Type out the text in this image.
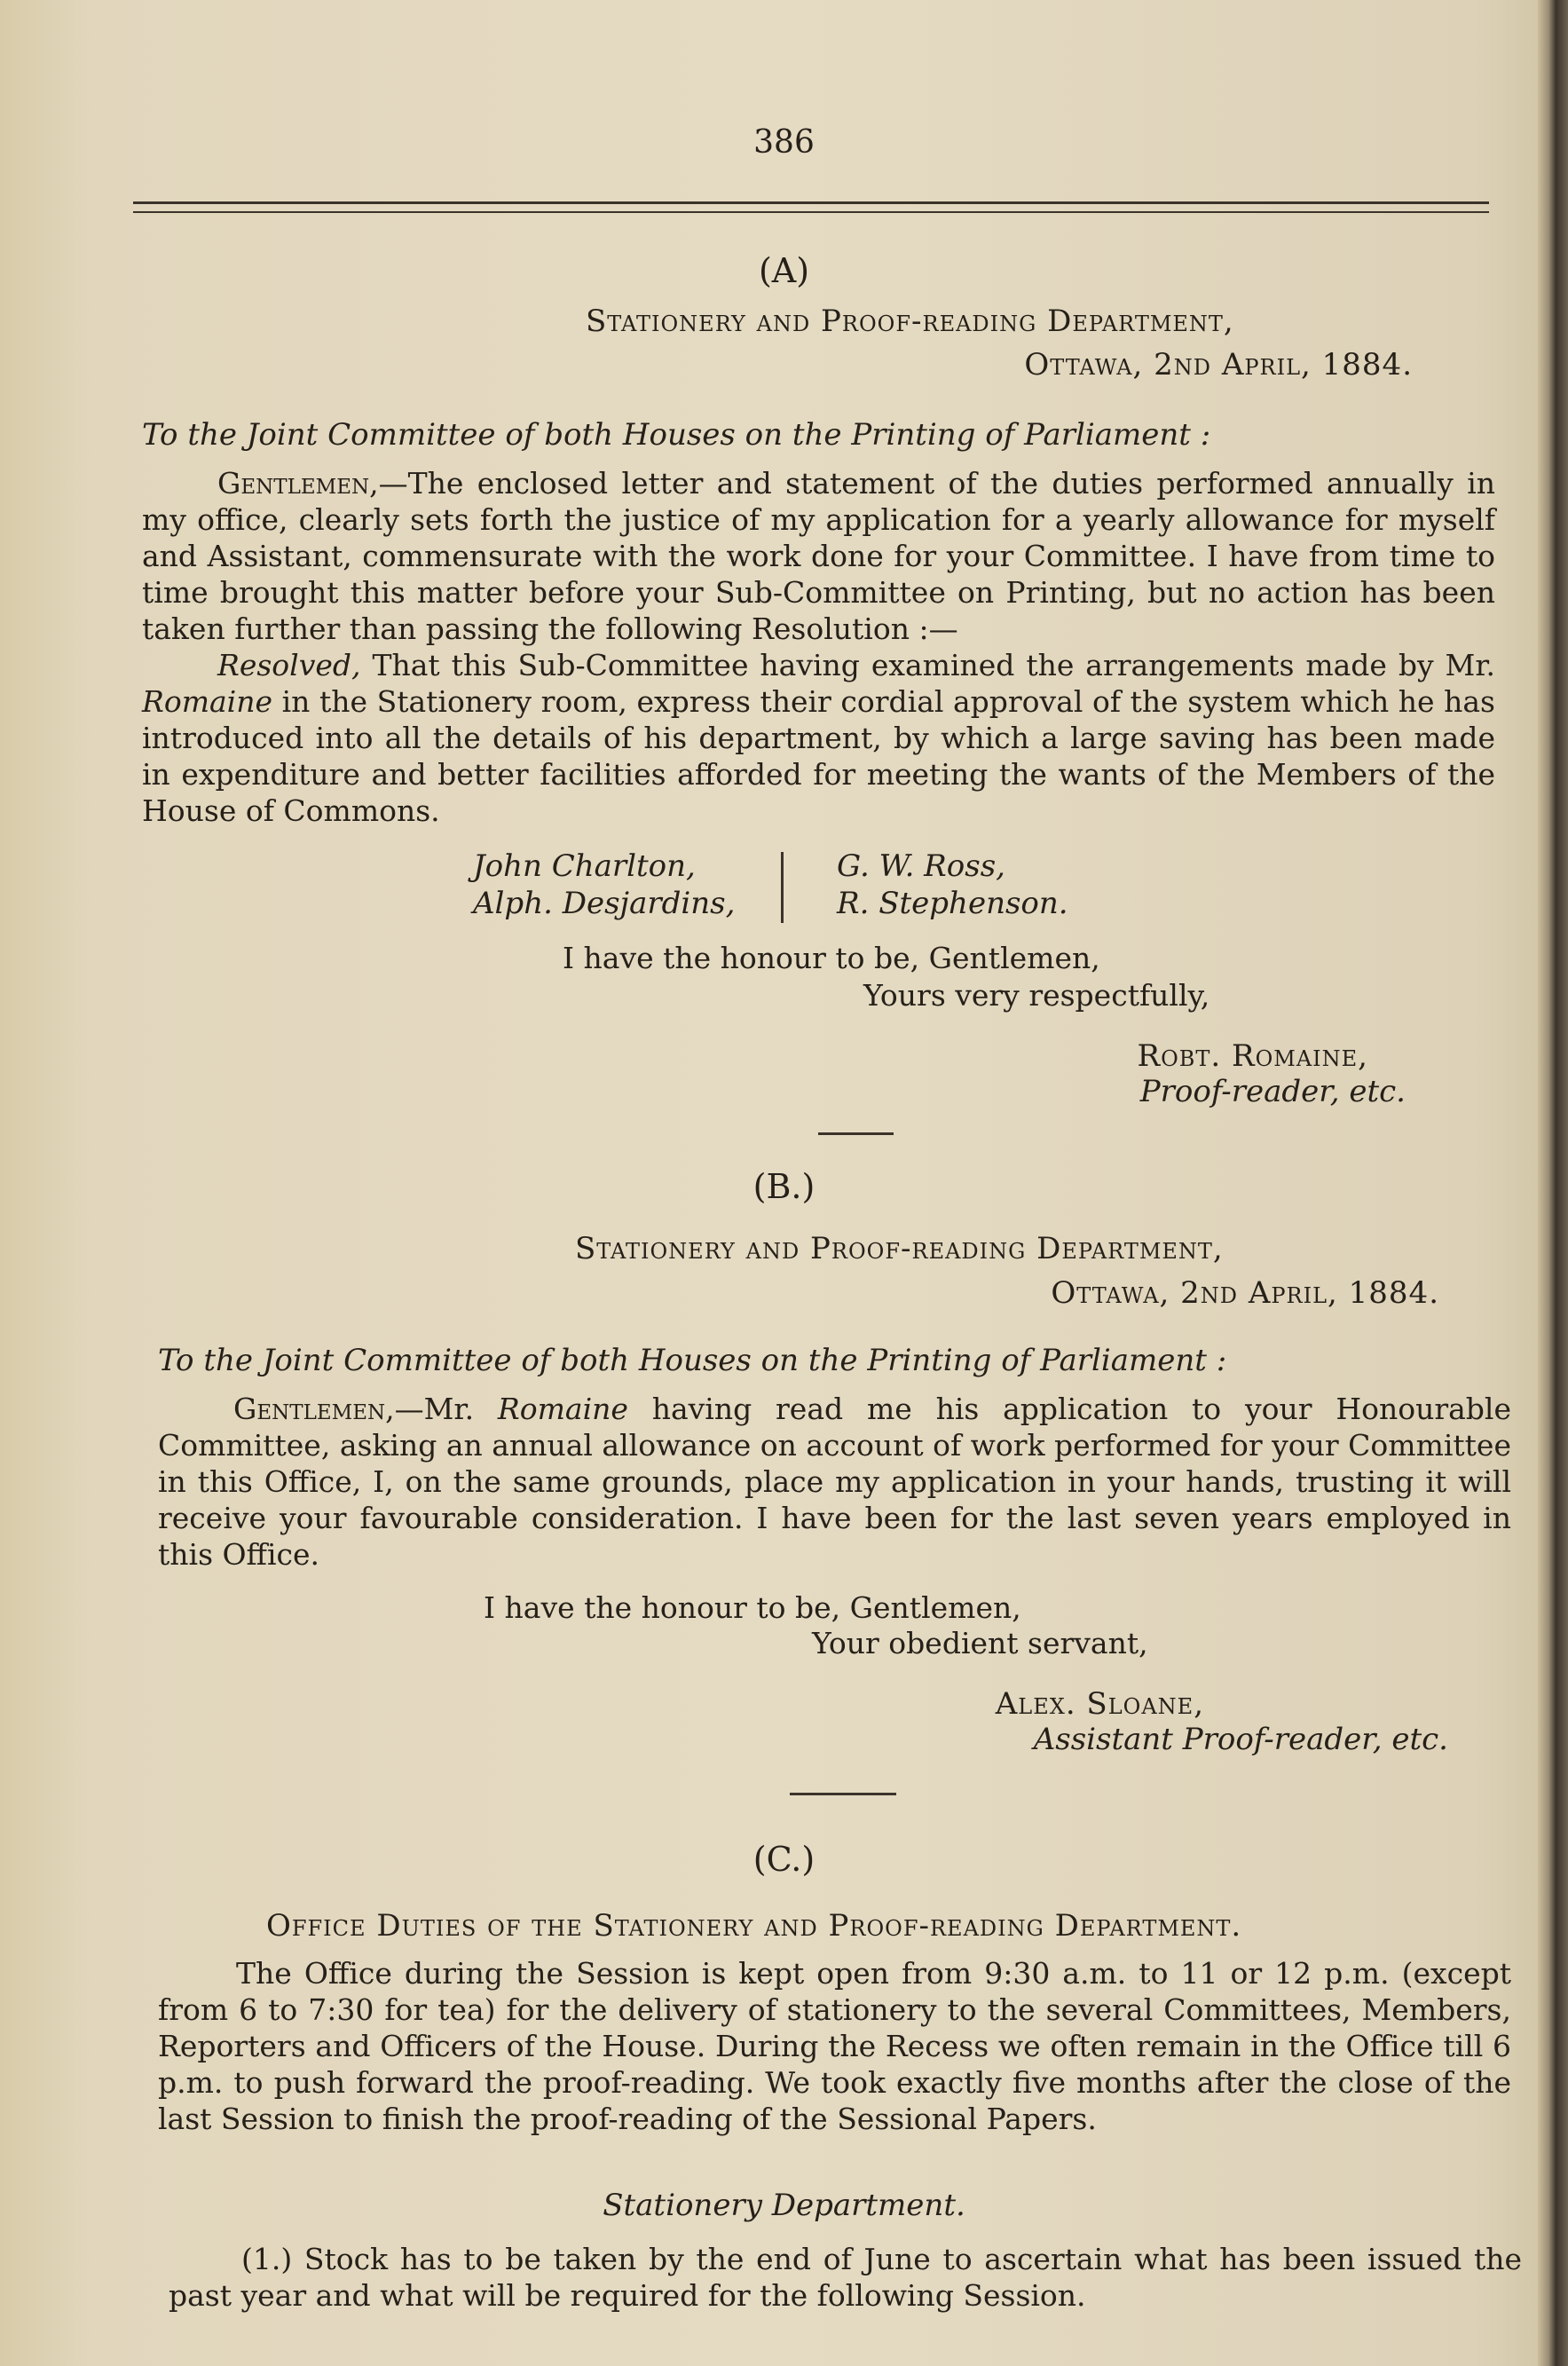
386
(A)
Stationery and Proof-reading Department,
Ottawa, 2nd April, 1884.
To the Joint Committee of both Houses on the Printing of Parliament :

Gentlemen,—The enclosed letter and statement of the duties performed annually in my office, clearly sets forth the justice of my application for a yearly allowance for myself and Assistant, commensurate with the work done for your Committee. I have from time to time brought this matter before your Sub-Committee on Printing, but no action has been taken further than passing the following Resolution :—

Resolved, That this Sub-Committee having examined the arrangements made by Mr. Romaine in the Stationery room, express their cordial approval of the system which he has introduced into all the details of his department, by which a large saving has been made in expenditure and better facilities afforded for meeting the wants of the Members of the House of Commons.

John Charlton,
Alph. Desjardins,
G. W. Ross,
R. Stephenson.
I have the honour to be, Gentlemen,
Yours very respectfully,
Robt. Romaine,
Proof-reader, etc.
(B.)
Stationery and Proof-reading Department,
Ottawa, 2nd April, 1884.
To the Joint Committee of both Houses on the Printing of Parliament :

Gentlemen,—Mr. Romaine having read me his application to your Honourable Committee, asking an annual allowance on account of work performed for your Committee in this Office, I, on the same grounds, place my application in your hands, trusting it will receive your favourable consideration. I have been for the last seven years employed in this Office.

I have the honour to be, Gentlemen,
Your obedient servant,
Alex. Sloane,
Assistant Proof-reader, etc.
(C.)
Office Duties of the Stationery and Proof-reading Department.

The Office during the Session is kept open from 9:30 a.m. to 11 or 12 p.m. (except from 6 to 7:30 for tea) for the delivery of stationery to the several Committees, Members, Reporters and Officers of the House. During the Recess we often remain in the Office till 6 p.m. to push forward the proof-reading. We took exactly five months after the close of the last Session to finish the proof-reading of the Sessional Papers.

Stationery Department.

(1.) Stock has to be taken by the end of June to ascertain what has been issued the past year and what will be required for the following Session.
